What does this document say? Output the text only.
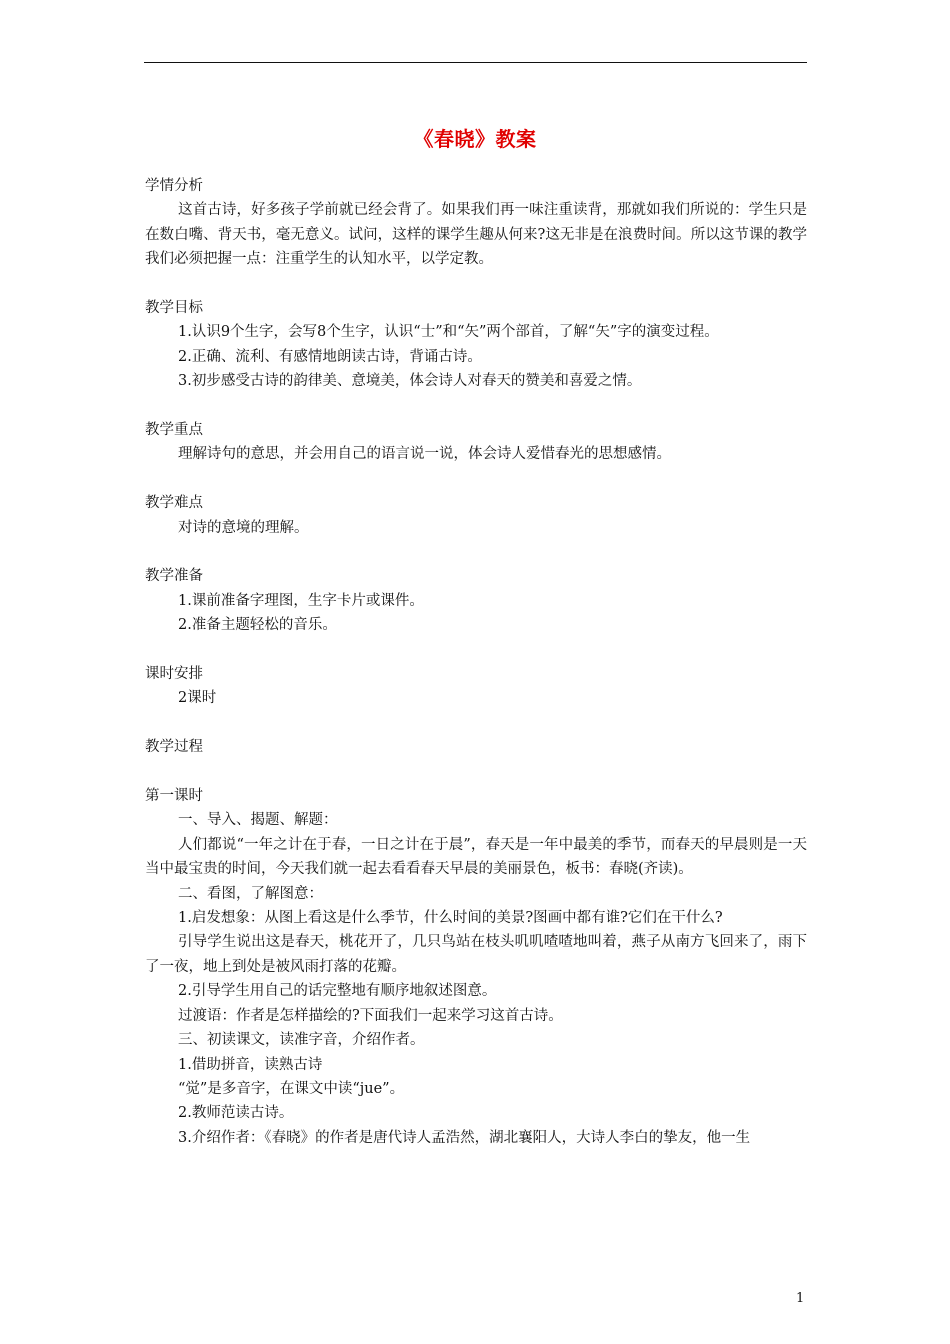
《春晓》教案

学情分析

这首古诗，好多孩子学前就已经会背了。如果我们再一味注重读背，那就如我们所说的：学生只是在数白嘴、背天书，毫无意义。试问，这样的课学生趣从何来?这无非是在浪费时间。所以这节课的教学我们必须把握一点：注重学生的认知水平，以学定教。

教学目标

1.认识9个生字，会写8个生字，认识“士”和“矢”两个部首，了解“矢”字的演变过程。

2.正确、流利、有感情地朗读古诗，背诵古诗。

3.初步感受古诗的韵律美、意境美，体会诗人对春天的赞美和喜爱之情。

教学重点

理解诗句的意思，并会用自己的语言说一说，体会诗人爱惜春光的思想感情。

教学难点

对诗的意境的理解。

教学准备

1.课前准备字理图，生字卡片或课件。

2.准备主题轻松的音乐。

课时安排

2课时

教学过程

第一课时

一、导入、揭题、解题：

人们都说“一年之计在于春，一日之计在于晨”，春天是一年中最美的季节，而春天的早晨则是一天当中最宝贵的时间，今天我们就一起去看看春天早晨的美丽景色，板书：春晓(齐读)。

二、看图，了解图意：

1.启发想象：从图上看这是什么季节，什么时间的美景?图画中都有谁?它们在干什么?

引导学生说出这是春天，桃花开了，几只鸟站在枝头叽叽喳喳地叫着，燕子从南方飞回来了，雨下了一夜，地上到处是被风雨打落的花瓣。

2.引导学生用自己的话完整地有顺序地叙述图意。

过渡语：作者是怎样描绘的?下面我们一起来学习这首古诗。

三、初读课文，读准字音，介绍作者。

1.借助拼音，读熟古诗

“觉”是多音字，在课文中读“jue”。

2.教师范读古诗。

3.介绍作者：《春晓》的作者是唐代诗人孟浩然，湖北襄阳人，大诗人李白的挚友，他一生

1
